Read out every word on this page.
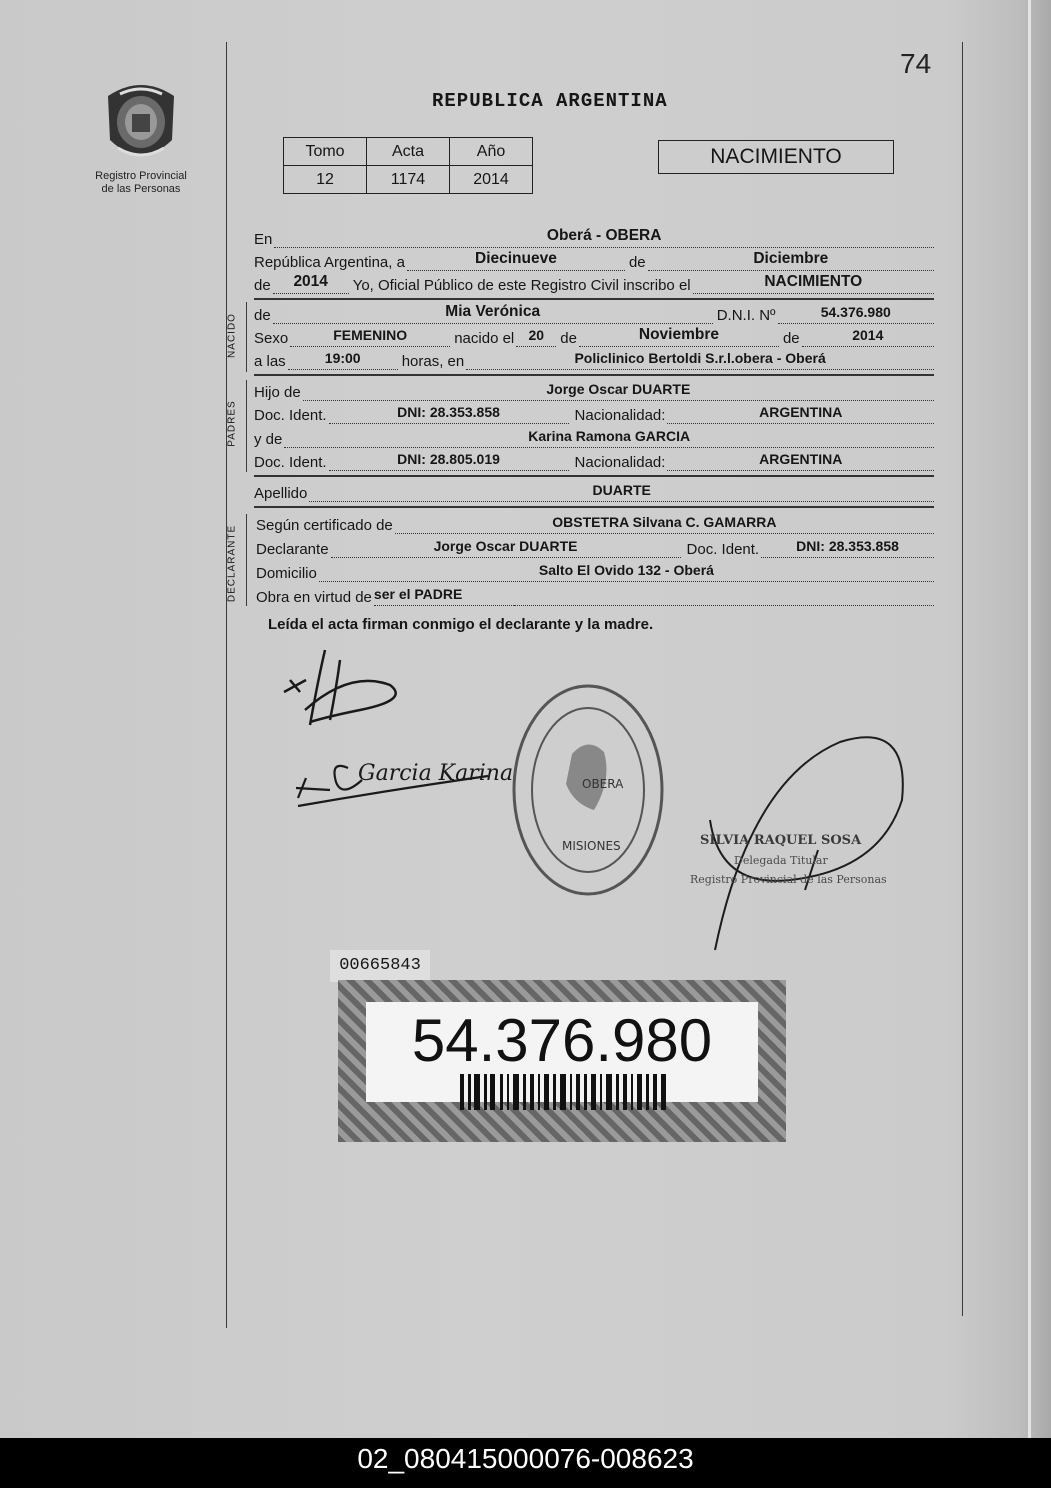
74
Registro Provincial
de las Personas
REPUBLICA ARGENTINA
Tomo	Acta	Año
12	1174	2014
NACIMIENTO
En	Oberá - OBERA
República Argentina, a	Diecinueve	de	Diciembre
de	2014	Yo, Oficial Público de este Registro Civil inscribo el	NACIMIENTO
NACIDO de	Mia Verónica	D.N.I. Nº	54.376.980
Sexo	FEMENINO	nacido el	20	de	Noviembre	de	2014
a las	19:00	horas, en	Policlinico Bertoldi S.r.l.obera - Oberá
PADRES
Hijo de	Jorge Oscar DUARTE
Doc. Ident.	DNI: 28.353.858	Nacionalidad:	ARGENTINA
y de	Karina Ramona GARCIA
Doc. Ident.	DNI: 28.805.019	Nacionalidad:	ARGENTINA
Apellido	DUARTE
DECLARANTE Según certificado de	OBSTETRA Silvana C. GAMARRA
Declarante	Jorge Oscar DUARTE	Doc. Ident.	DNI: 28.353.858
Domicilio	Salto El Ovido 132 - Oberá
Obra en virtud de ser el PADRE
Leída el acta firman conmigo el declarante y la madre.
Garcia Karina	OBERA
MISIONES	SILVIA RAQUEL SOSA
Delegada Titular
Registro Provincial de las Personas
00665843
54.376.980
02_080415000076-008623
